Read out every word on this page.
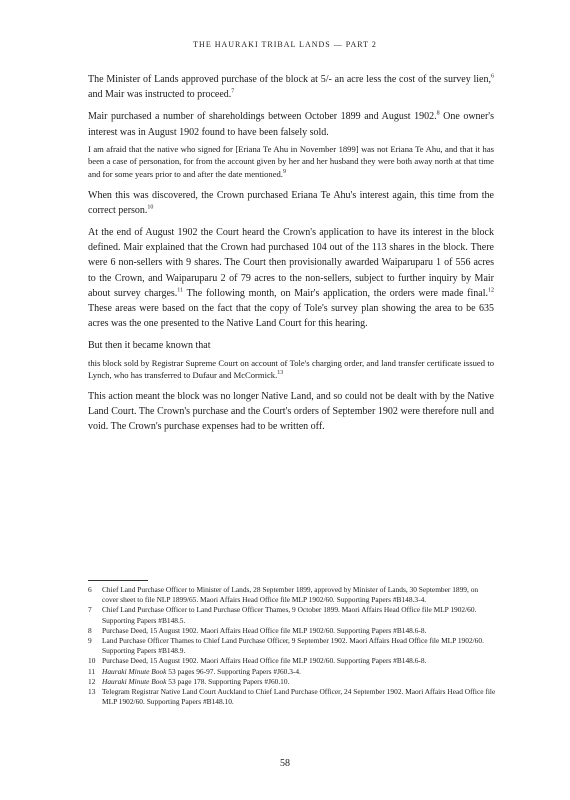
THE HAURAKI TRIBAL LANDS — PART 2

The Minister of Lands approved purchase of the block at 5/- an acre less the cost of the survey lien,$^6$ and Mair was instructed to proceed.$^7$

Mair purchased a number of shareholdings between October 1899 and August 1902.$^8$ One owner's interest was in August 1902 found to have been falsely sold.

I am afraid that the native who signed for [Eriana Te Ahu in November 1899] was not Eriana Te Ahu, and that it has been a case of personation, for from the account given by her and her husband they were both away north at that time and for some years prior to and after the date mentioned.$^9$

When this was discovered, the Crown purchased Eriana Te Ahu's interest again, this time from the correct person.$^{10}$

At the end of August 1902 the Court heard the Crown's application to have its interest in the block defined. Mair explained that the Crown had purchased 104 out of the 113 shares in the block. There were 6 non-sellers with 9 shares. The Court then provisionally awarded Waiparuparu 1 of 556 acres to the Crown, and Waiparuparu 2 of 79 acres to the non-sellers, subject to further inquiry by Mair about survey charges.$^{11}$ The following month, on Mair's application, the orders were made final.$^{12}$ These areas were based on the fact that the copy of Tole's survey plan showing the area to be 635 acres was the one presented to the Native Land Court for this hearing.

But then it became known that

this block sold by Registrar Supreme Court on account of Tole's charging order, and land transfer certificate issued to Lynch, who has transferred to Dufaur and McCormick.$^{13}$

This action meant the block was no longer Native Land, and so could not be dealt with by the Native Land Court. The Crown's purchase and the Court's orders of September 1902 were therefore null and void. The Crown's purchase expenses had to be written off.

6	Chief Land Purchase Officer to Minister of Lands, 28 September 1899, approved by Minister of Lands, 30 September 1899, on cover sheet to file NLP 1899/65. Maori Affairs Head Office file MLP 1902/60. Supporting Papers #B148.3-4.
7	Chief Land Purchase Officer to Land Purchase Officer Thames, 9 October 1899. Maori Affairs Head Office file MLP 1902/60. Supporting Papers #B148.5.
8	Purchase Deed, 15 August 1902. Maori Affairs Head Office file MLP 1902/60. Supporting Papers #B148.6-8.
9	Land Purchase Officer Thames to Chief Land Purchase Officer, 9 September 1902. Maori Affairs Head Office file MLP 1902/60. Supporting Papers #B148.9.
10 Purchase Deed, 15 August 1902. Maori Affairs Head Office file MLP 1902/60. Supporting Papers #B148.6-8.
11 Hauraki Minute Book 53 pages 96-97. Supporting Papers #J60.3-4.
12 Hauraki Minute Book 53 page 178. Supporting Papers #J60.10.
13 Telegram Registrar Native Land Court Auckland to Chief Land Purchase Officer, 24 September 1902. Maori Affairs Head Office file MLP 1902/60. Supporting Papers #B148.10.
58
